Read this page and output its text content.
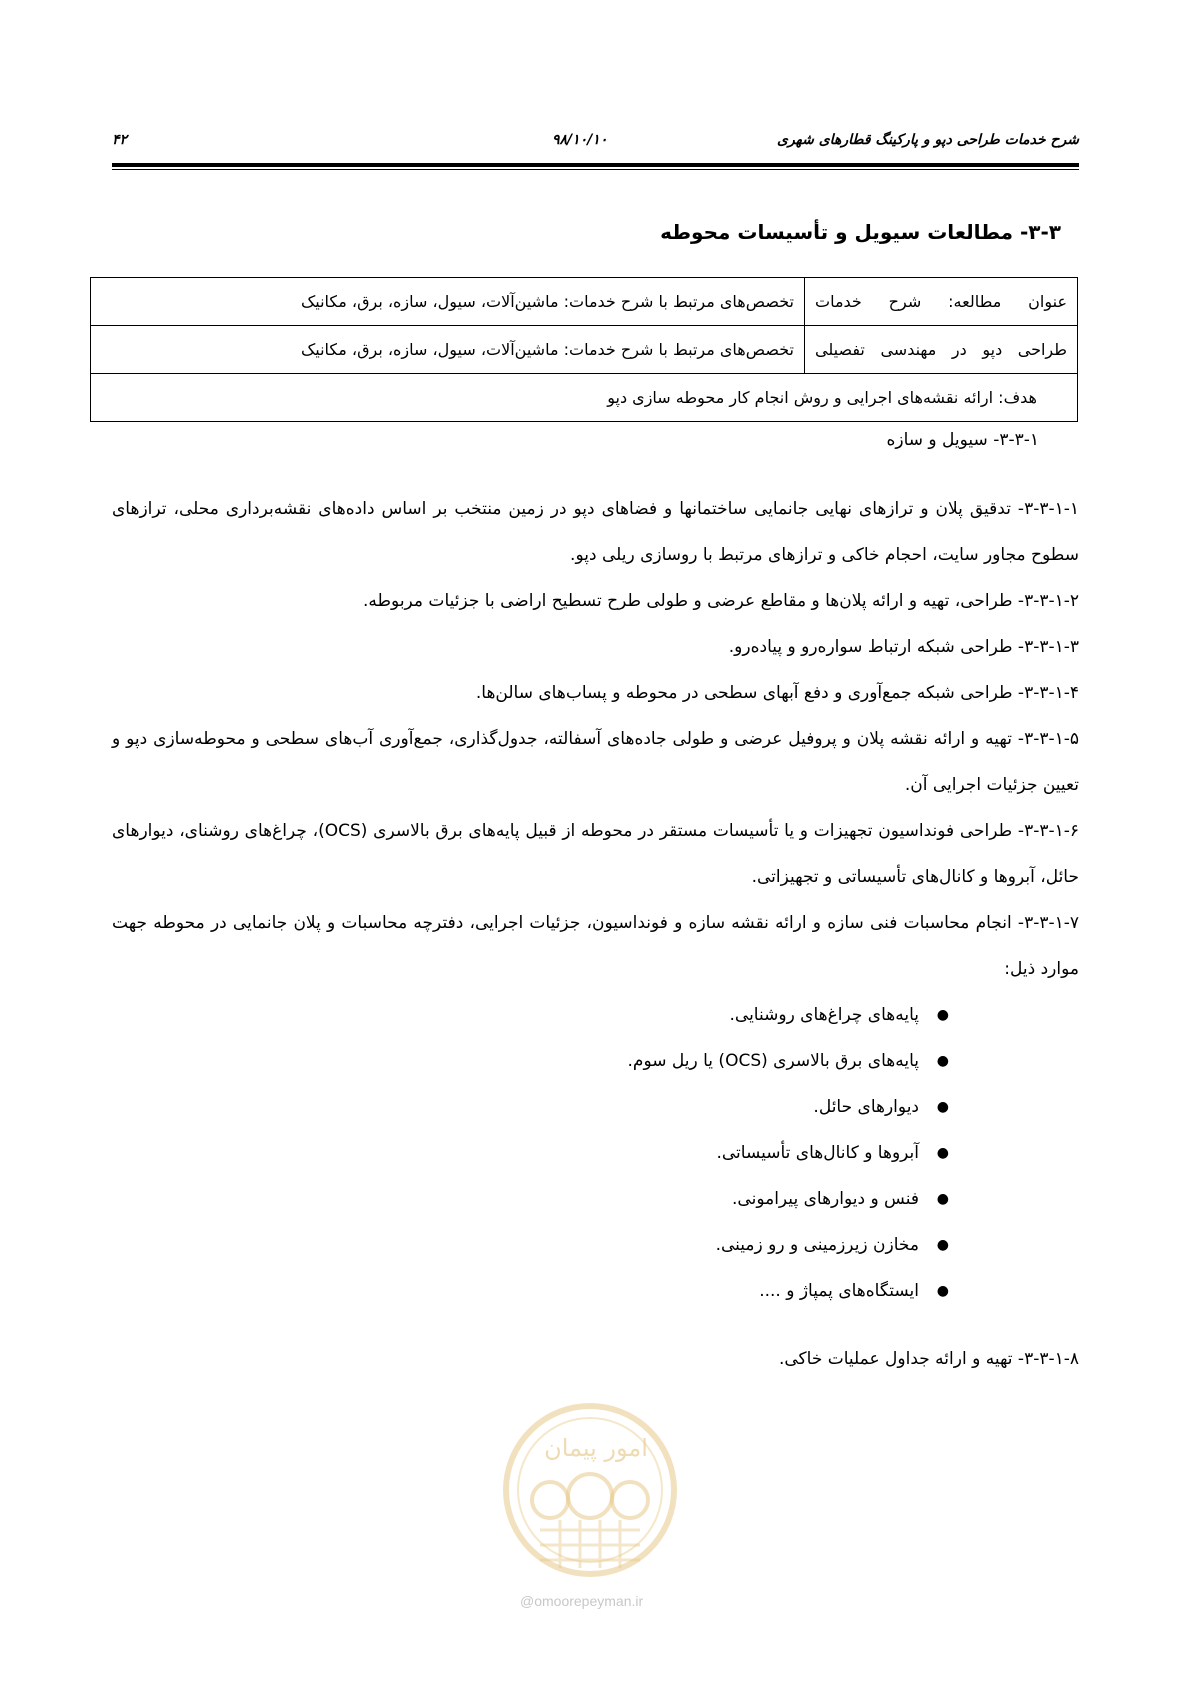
۴۲	۹۸/۱۰/۱۰	شرح خدمات طراحی دپو و پارکینگ قطارهای شهری
۳-۳- مطالعات سیویل و تأسیسات محوطه
عنوان مطالعه: شرح خدمات	تخصص‌های مرتبط با شرح خدمات: ماشین‌آلات، سیول، سازه، برق، مکانیک
طراحی دپو در مهندسی تفصیلی	تخصص‌های مرتبط با شرح خدمات: ماشین‌آلات، سیول، سازه، برق، مکانیک
هدف: ارائه نقشه‌های اجرایی و روش انجام کار محوطه سازی دپو	
۳-۳-۱- سیویل و سازه
۳-۳-۱-۱- تدقیق پلان و ترازهای نهایی جانمایی ساختمانها و فضاهای دپو در زمین منتخب بر اساس داده‌های نقشه‌برداری محلی، ترازهای سطوح مجاور سایت، احجام خاکی و ترازهای مرتبط با روسازی ریلی دپو.
۳-۳-۱-۲- طراحی، تهیه و ارائه پلان‌ها و مقاطع عرضی و طولی طرح تسطیح اراضی با جزئیات مربوطه.
۳-۳-۱-۳- طراحی شبکه ارتباط سواره‌رو و پیاده‌رو.
۳-۳-۱-۴- طراحی شبکه جمع‌آوری و دفع آبهای سطحی در محوطه و پساب‌های سالن‌ها.
۳-۳-۱-۵- تهیه و ارائه نقشه پلان و پروفیل عرضی و طولی جاده‌های آسفالته، جدول‌گذاری، جمع‌آوری آب‌های سطحی و محوطه‌سازی دپو و تعیین جزئیات اجرایی آن.
۳-۳-۱-۶- طراحی فونداسیون تجهیزات و یا تأسیسات مستقر در محوطه از قبیل پایه‌های برق بالاسری (OCS)، چراغ‌های روشنای، دیوارهای حائل، آبروها و کانال‌های تأسیساتی و تجهیزاتی.
۳-۳-۱-۷- انجام محاسبات فنی سازه و ارائه نقشه سازه و فونداسیون، جزئیات اجرایی، دفترچه محاسبات و پلان جانمایی در محوطه جهت موارد ذیل:
●
پایه‌های چراغ‌های روشنایی.
●
پایه‌های برق بالاسری (OCS) یا ریل سوم.
●
دیوارهای حائل.
●
آبروها و کانال‌های تأسیساتی.
●
فنس و دیوارهای پیرامونی.
●
مخازن زیرزمینی و رو زمینی.
●
ایستگاه‌های پمپاژ و ....
۳-۳-۱-۸- تهیه و ارائه جداول عملیات خاکی.
امور پیمان
@omoorepeyman.ir
